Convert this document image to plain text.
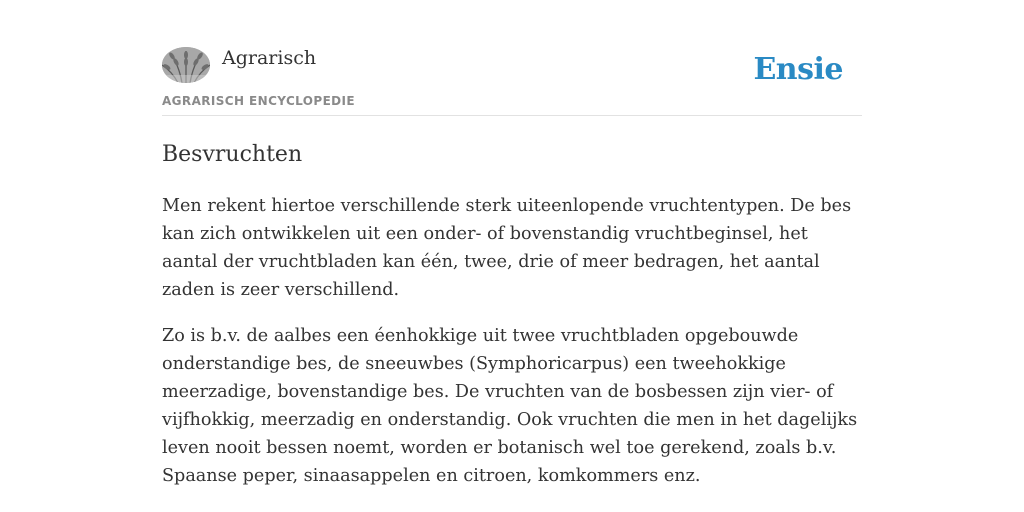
Agrarisch
AGRARISCH ENCYCLOPEDIE
Ensie
Besvruchten

Men rekent hiertoe verschillende sterk uiteenlopende vruchtentypen. De bes kan zich ontwikkelen uit een onder- of bovenstandig vruchtbeginsel, het aantal der vruchtbladen kan één, twee, drie of meer bedragen, het aantal zaden is zeer verschillend.

Zo is b.v. de aalbes een éenhokkige uit twee vruchtbladen opgebouwde onderstandige bes, de sneeuwbes (Symphoricarpus) een tweehokkige meerzadige, bovenstandige bes. De vruchten van de bosbessen zijn vier- of vijfhokkig, meerzadig en onderstandig. Ook vruchten die men in het dagelijks leven nooit bessen noemt, worden er botanisch wel toe gerekend, zoals b.v. Spaanse peper, sinaasappelen en citroen, komkommers enz.
